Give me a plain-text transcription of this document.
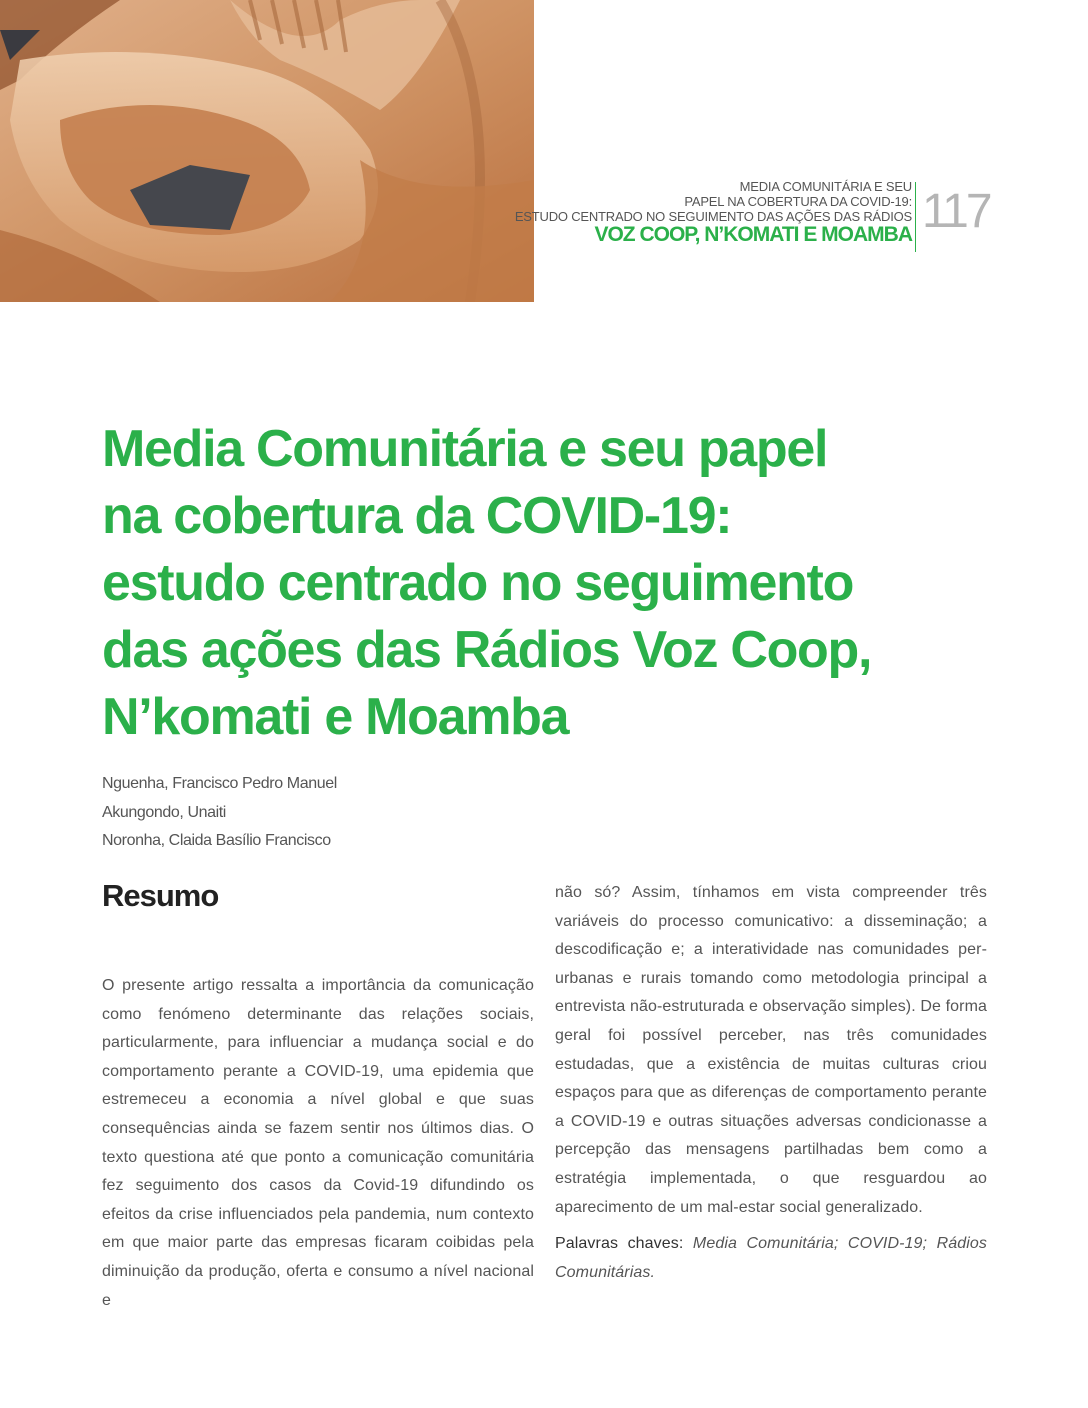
MEDIA COMUNITÁRIA E SEU
PAPEL NA COBERTURA DA COVID-19:
ESTUDO CENTRADO NO SEGUIMENTO DAS AÇÕES DAS RÁDIOS
VOZ COOP, N’KOMATI E MOAMBA 117
Media Comunitária e seu papel
na cobertura da COVID-19:
estudo centrado no seguimento
das ações das Rádios Voz Coop,
N’komati e Moamba
Nguenha, Francisco Pedro Manuel
Akungondo, Unaiti
Noronha, Claida Basílio Francisco
Resumo

O presente artigo ressalta a importância da comunicação como fenómeno determinante das relações sociais, particularmente, para influenciar a mudança social e do comportamento perante a COVID-19, uma epidemia que estremeceu a economia a nível global e que suas consequências ainda se fazem sentir nos últimos dias. O texto questiona até que ponto a comunicação comunitária fez seguimento dos casos da Covid-19 difundindo os efeitos da crise influenciados pela pandemia, num contexto em que maior parte das empresas ficaram coibidas pela diminuição da produção, oferta e consumo a nível nacional e

não só? Assim, tínhamos em vista compreender três variáveis do processo comunicativo: a disseminação; a descodificação e; a interatividade nas comunidades per-urbanas e rurais tomando como metodologia principal a entrevista não-estruturada e observação simples). De forma geral foi possível perceber, nas três comunidades estudadas, que a existência de muitas culturas criou espaços para que as diferenças de comportamento perante a COVID-19 e outras situações adversas condicionasse a percepção das mensagens partilhadas bem como a estratégia implementada, o que resguardou ao aparecimento de um mal-estar social generalizado.

Palavras chaves: Media Comunitária; COVID-19; Rádios Comunitárias.
